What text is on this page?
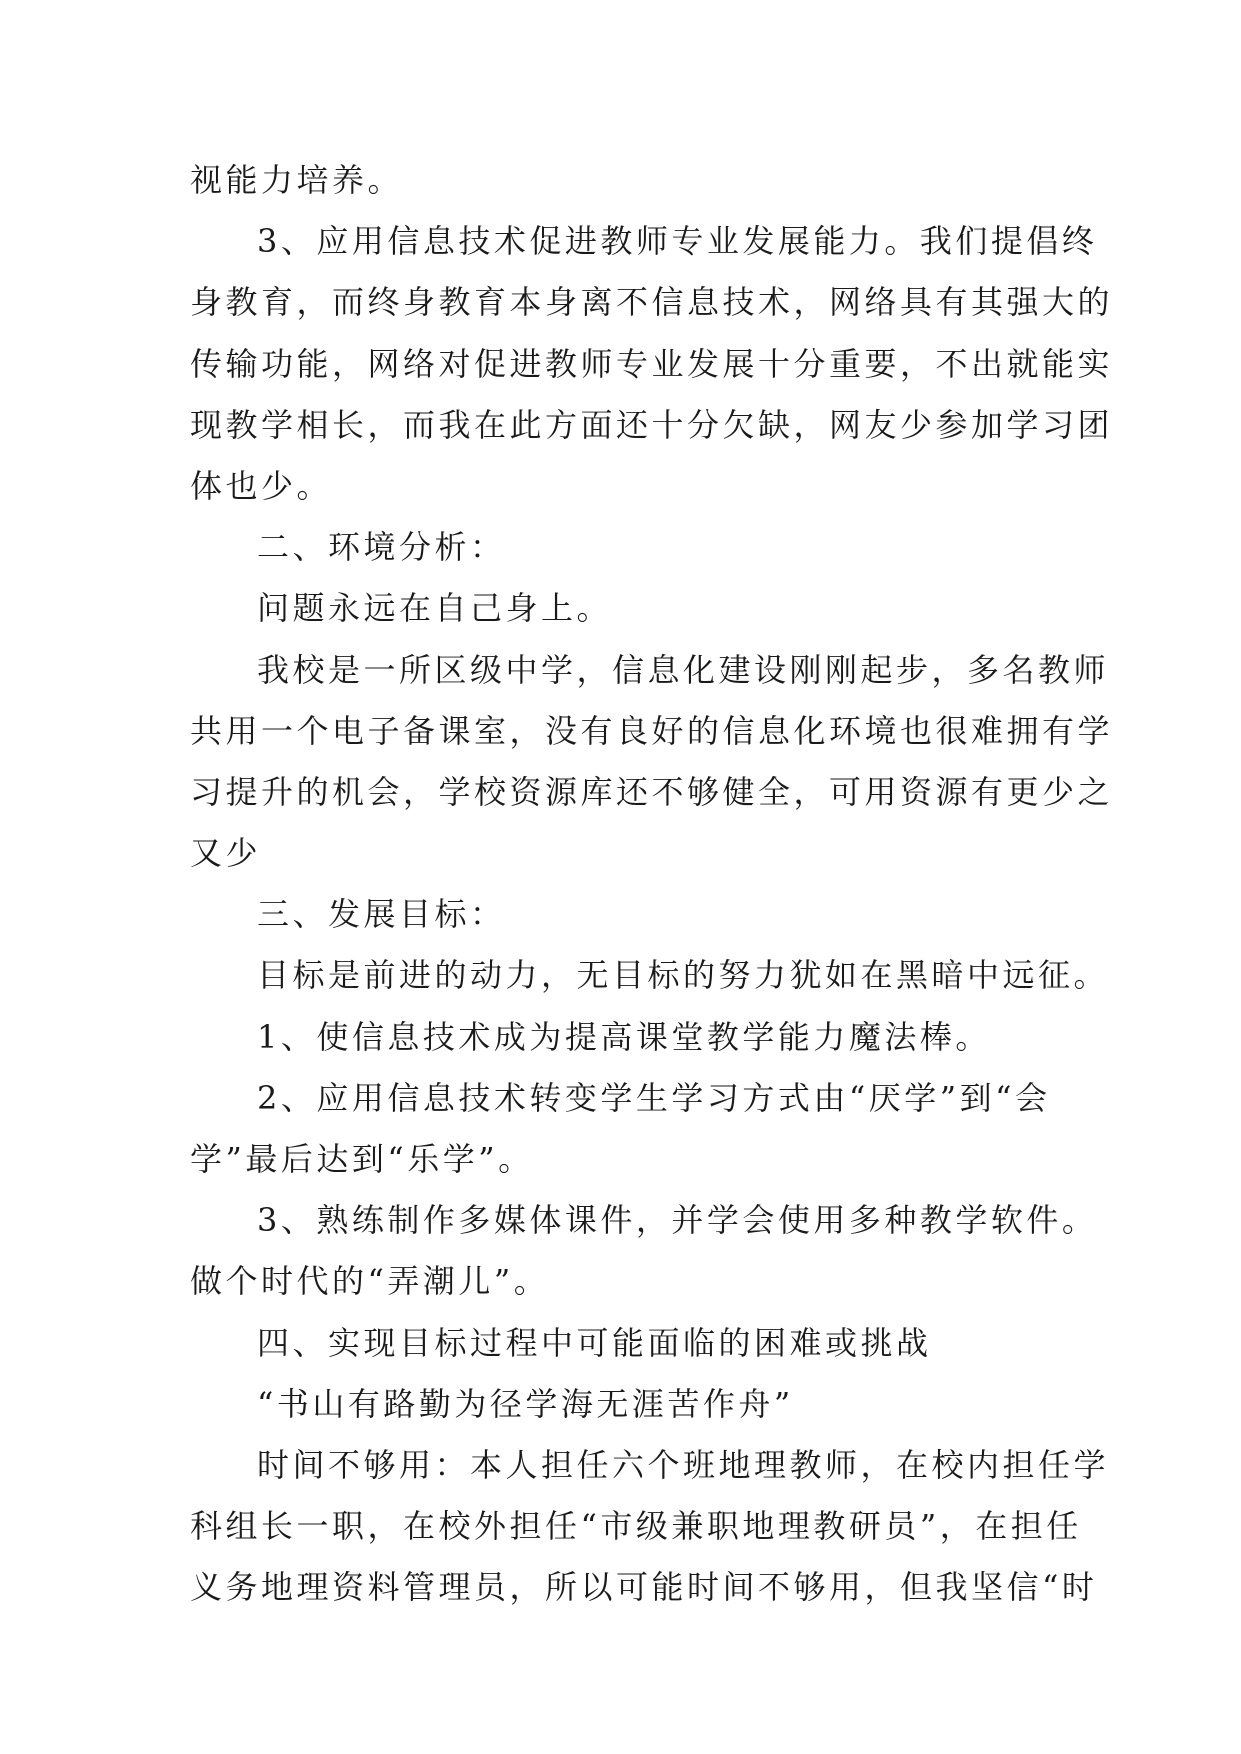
视能力培养。

3、应用信息技术促进教师专业发展能力。我们提倡终

身教育，而终身教育本身离不信息技术，网络具有其强大的

传输功能，网络对促进教师专业发展十分重要，不出就能实

现教学相长，而我在此方面还十分欠缺，网友少参加学习团

体也少。

二、环境分析：

问题永远在自己身上。

我校是一所区级中学，信息化建设刚刚起步，多名教师

共用一个电子备课室，没有良好的信息化环境也很难拥有学

习提升的机会，学校资源库还不够健全，可用资源有更少之

又少

三、发展目标：

目标是前进的动力，无目标的努力犹如在黑暗中远征。

1、使信息技术成为提高课堂教学能力魔法棒。

2、应用信息技术转变学生学习方式由“厌学”到“会

学”最后达到“乐学”。

3、熟练制作多媒体课件，并学会使用多种教学软件。

做个时代的“弄潮儿”。

四、实现目标过程中可能面临的困难或挑战

“书山有路勤为径学海无涯苦作舟”

时间不够用：本人担任六个班地理教师，在校内担任学

科组长一职，在校外担任“市级兼职地理教研员”，在担任

义务地理资料管理员，所以可能时间不够用，但我坚信“时
